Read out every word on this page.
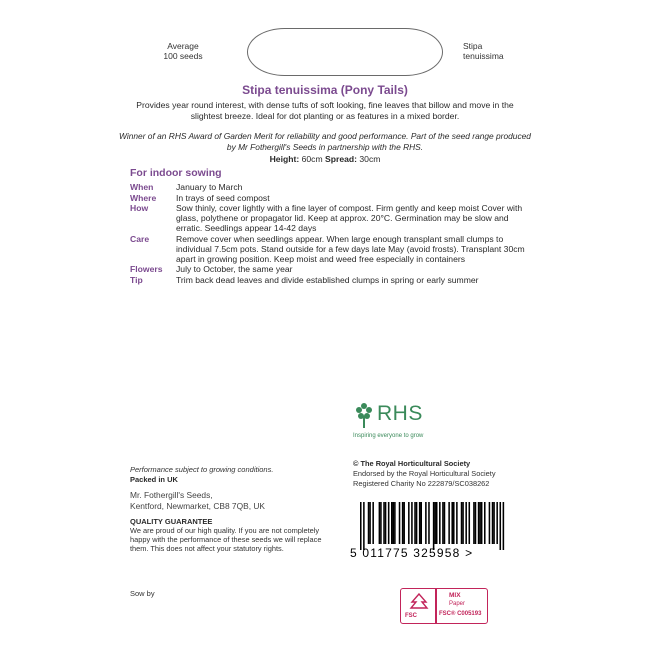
Average
100 seeds
Stipa
tenuissima
Stipa tenuissima (Pony Tails)
Provides year round interest, with dense tufts of soft looking, fine leaves that billow and move in the slightest breeze. Ideal for dot planting or as features in a mixed border.
Winner of an RHS Award of Garden Merit for reliability and good performance. Part of the seed range produced by Mr Fothergill's Seeds in partnership with the RHS.
Height: 60cm Spread: 30cm
For indoor sowing
When	January to March
Where	In trays of seed compost
How	Sow thinly, cover lightly with a fine layer of compost. Firm gently and keep moist Cover with glass, polythene or propagator lid. Keep at approx. 20°C. Germination may be slow and erratic. Seedlings appear 14-42 days
Care	Remove cover when seedlings appear. When large enough transplant small clumps to individual 7.5cm pots. Stand outside for a few days late May (avoid frosts). Transplant 30cm apart in growing position. Keep moist and weed free especially in containers
Flowers	July to October, the same year
Tip	Trim back dead leaves and divide established clumps in spring or early summer
RHS
Inspiring everyone to grow
© The Royal Horticultural Society
Endorsed by the Royal Horticultural Society
Registered Charity No 222879/SC038262
Performance subject to growing conditions.
Packed in UK
Mr. Fothergill's Seeds,
Kentford, Newmarket, CB8 7QB, UK
QUALITY GUARANTEE
We are proud of our high quality. If you are not completely happy with the performance of these seeds we will replace them. This does not affect your statutory rights.	5 011775 325958 >
Sow by
FSC
MIX
Paper
FSC® C005193
